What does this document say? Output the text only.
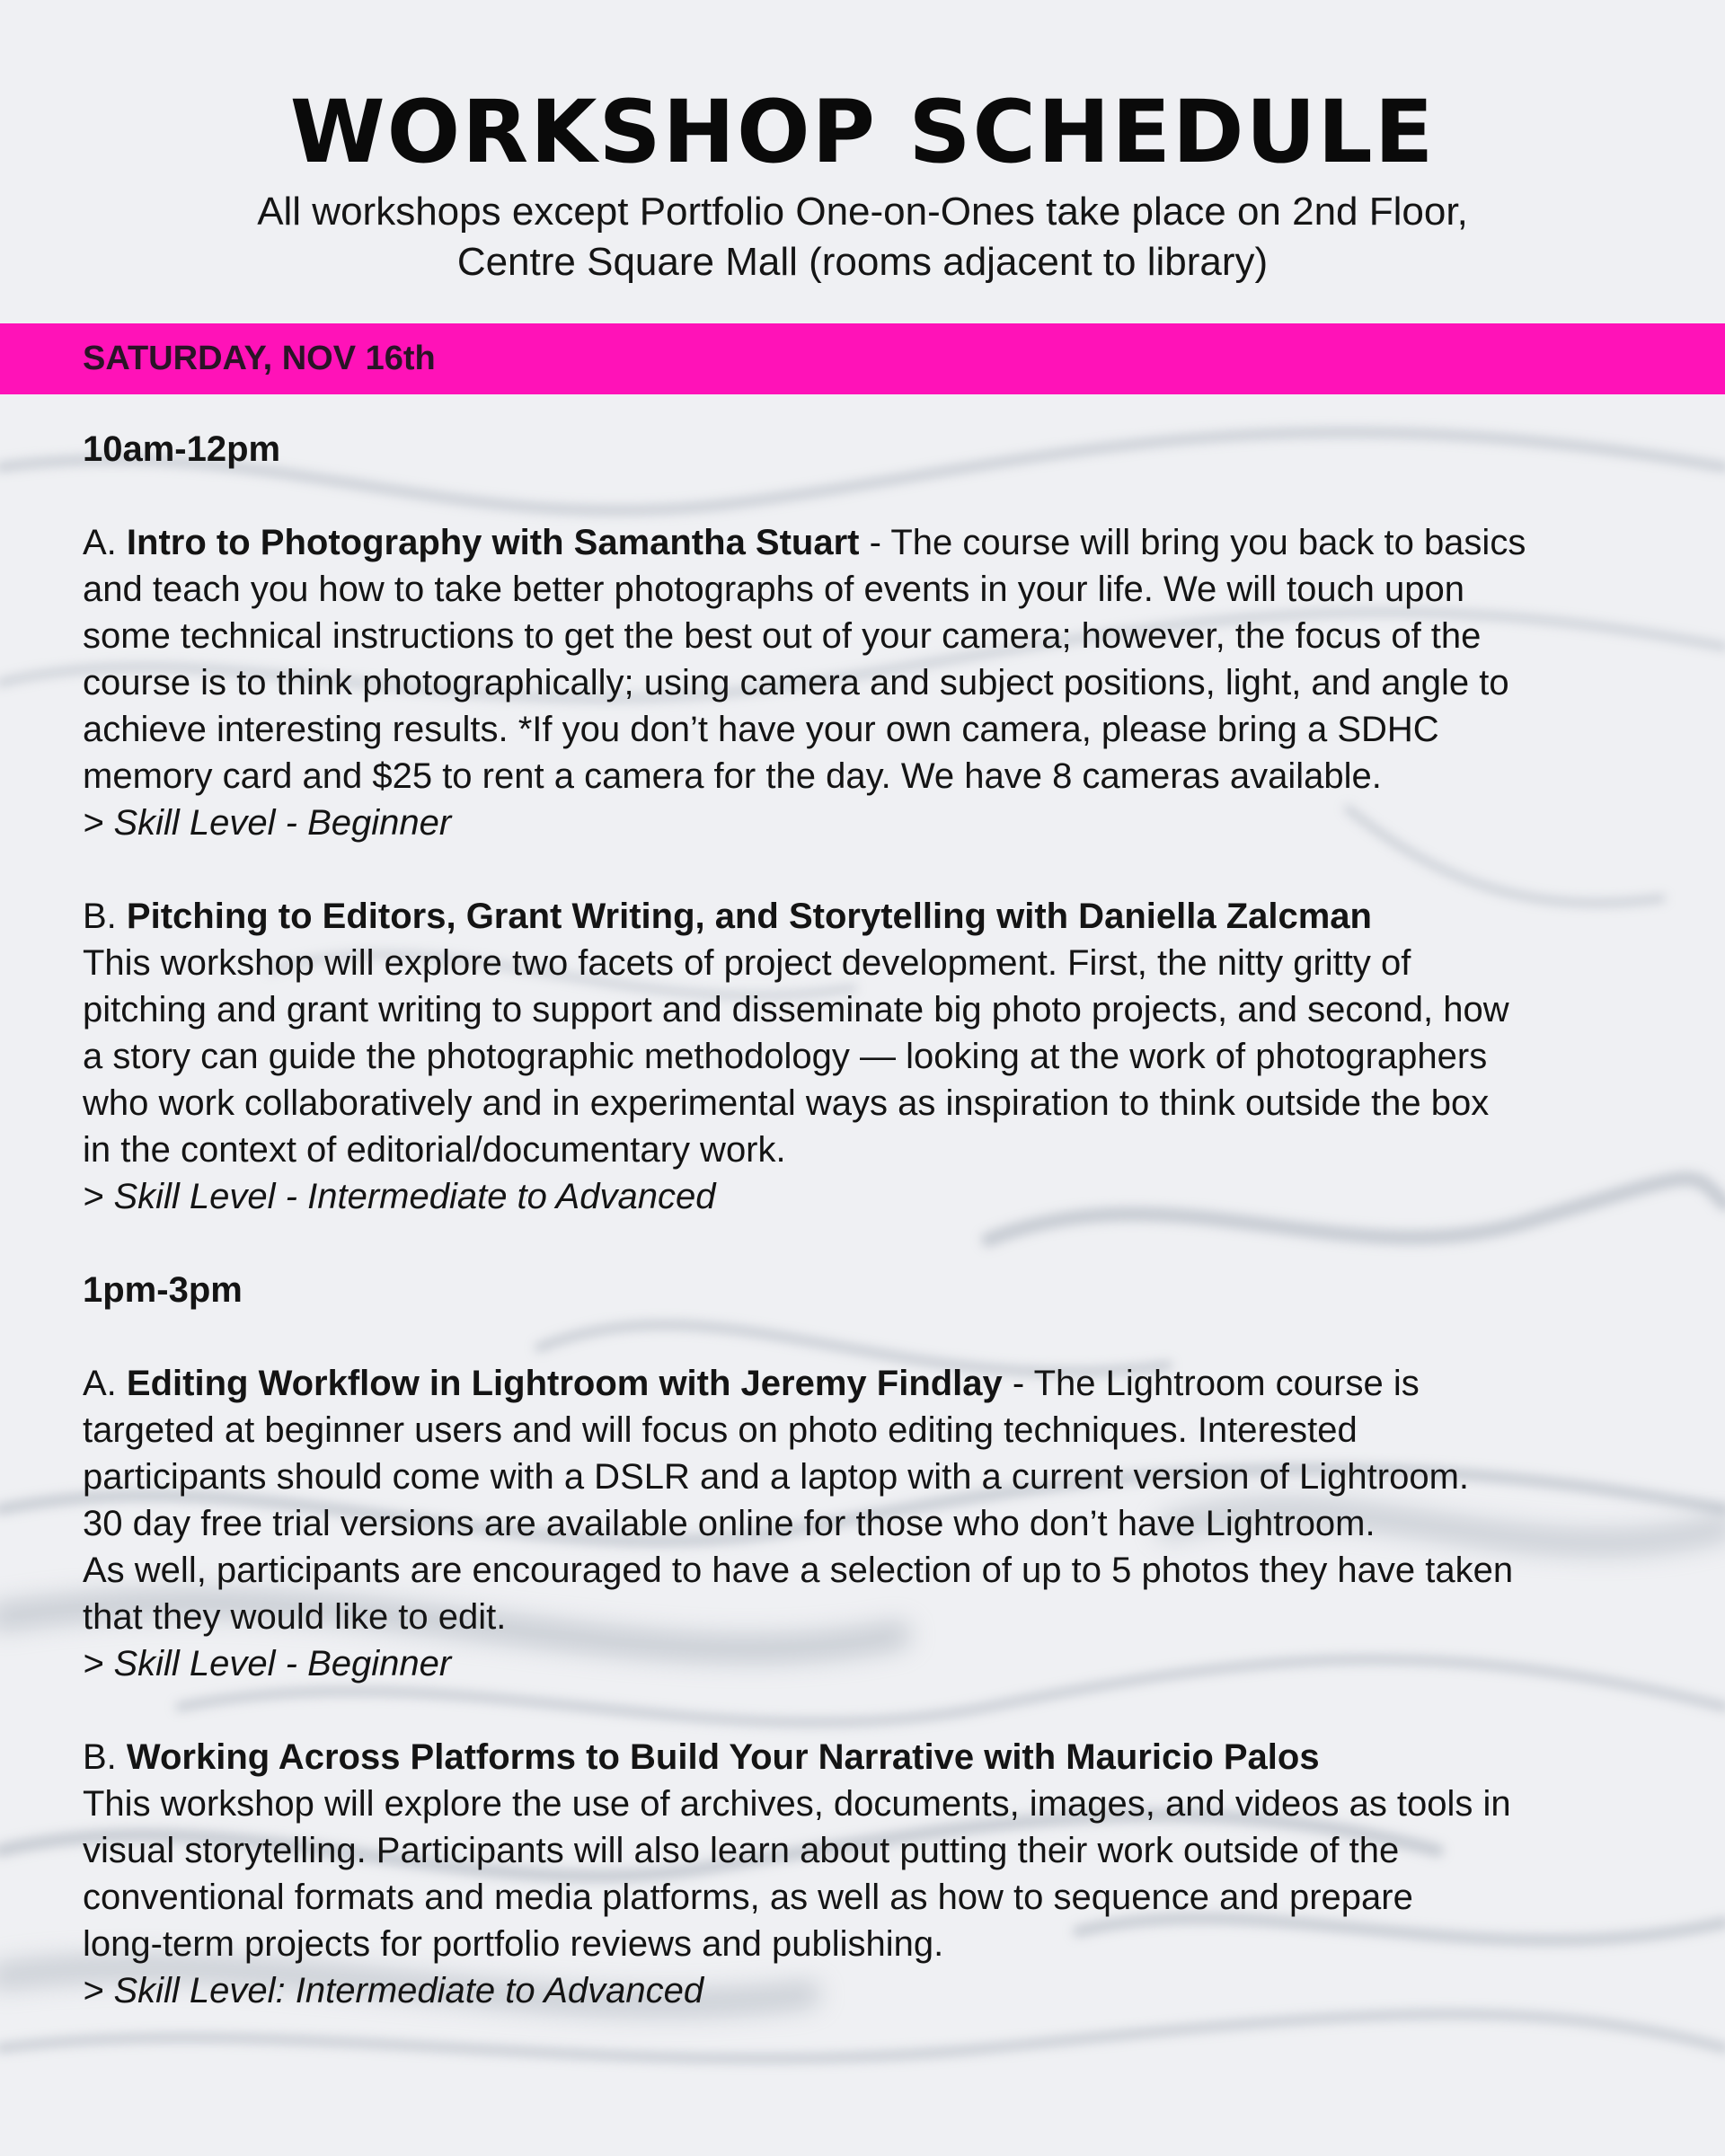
WORKSHOP SCHEDULE
All workshops except Portfolio One-on-Ones take place on 2nd Floor,
Centre Square Mall (rooms adjacent to library)
SATURDAY, NOV 16th
10am-12pm

A. Intro to Photography with Samantha Stuart - The course will bring you back to basics

and teach you how to take better photographs of events in your life. We will touch upon

some technical instructions to get the best out of your camera; however, the focus of the

course is to think photographically; using camera and subject positions, light, and angle to

achieve interesting results. *If you don’t have your own camera, please bring a SDHC

memory card and $25 to rent a camera for the day. We have 8 cameras available.

> Skill Level - Beginner

B. Pitching to Editors, Grant Writing, and Storytelling with Daniella Zalcman

This workshop will explore two facets of project development. First, the nitty gritty of

pitching and grant writing to support and disseminate big photo projects, and second, how

a story can guide the photographic methodology — looking at the work of photographers

who work collaboratively and in experimental ways as inspiration to think outside the box

in the context of editorial/documentary work.

> Skill Level - Intermediate to Advanced

1pm-3pm

A. Editing Workflow in Lightroom with Jeremy Findlay - The Lightroom course is

targeted at beginner users and will focus on photo editing techniques. Interested

participants should come with a DSLR and a laptop with a current version of Lightroom.

30 day free trial versions are available online for those who don’t have Lightroom.

As well, participants are encouraged to have a selection of up to 5 photos they have taken

that they would like to edit.

> Skill Level - Beginner

B. Working Across Platforms to Build Your Narrative with Mauricio Palos

This workshop will explore the use of archives, documents, images, and videos as tools in

visual storytelling. Participants will also learn about putting their work outside of the

conventional formats and media platforms, as well as how to sequence and prepare

long-term projects for portfolio reviews and publishing.

> Skill Level: Intermediate to Advanced
